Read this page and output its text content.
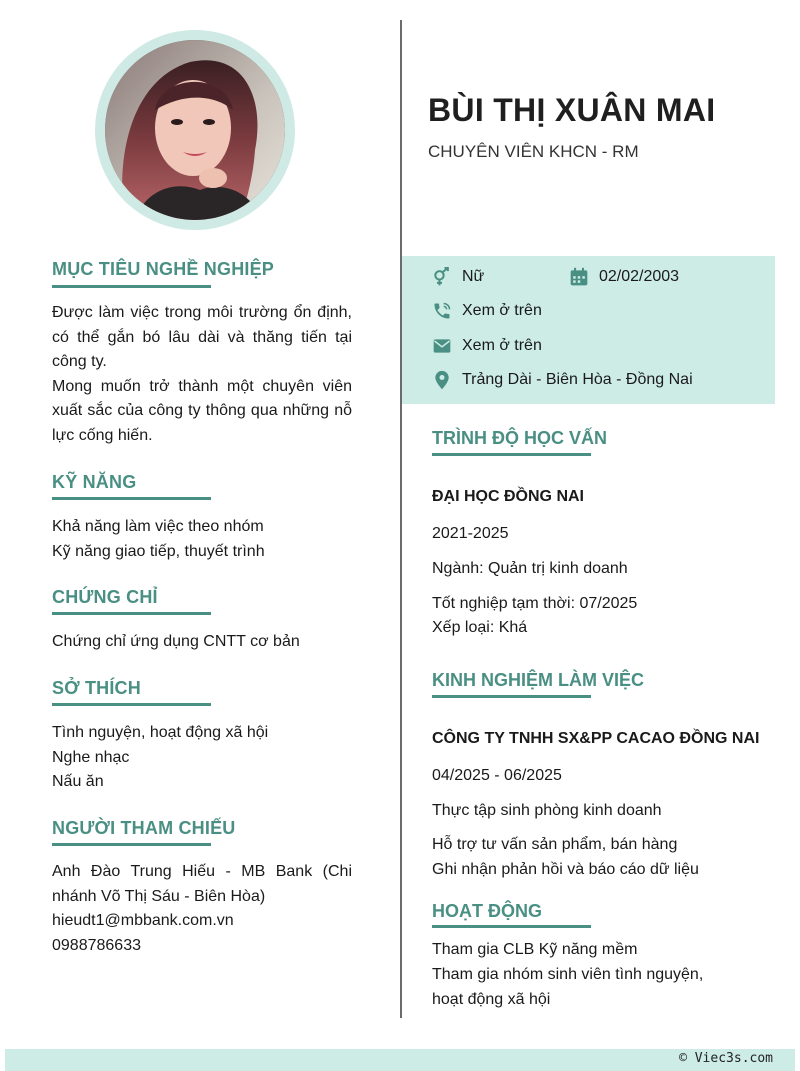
MỤC TIÊU NGHỀ NGHIỆP
Được làm việc trong môi trường ổn định, có thể gắn bó lâu dài và thăng tiến tại công ty.
Mong muốn trở thành một chuyên viên xuất sắc của công ty thông qua những nỗ lực cống hiến.
KỸ NĂNG
Khả năng làm việc theo nhóm
Kỹ năng giao tiếp, thuyết trình
CHỨNG CHỈ
Chứng chỉ ứng dụng CNTT cơ bản
SỞ THÍCH
Tình nguyện, hoạt động xã hội
Nghe nhạc
Nấu ăn
NGƯỜI THAM CHIẾU
Anh Đào Trung Hiếu - MB Bank (Chi nhánh Võ Thị Sáu - Biên Hòa)
hieudt1@mbbank.com.vn
0988786633
BÙI THỊ XUÂN MAI
CHUYÊN VIÊN KHCN - RM
Nữ	02/02/2003
Xem ở trên
Xem ở trên
Trảng Dài - Biên Hòa - Đồng Nai
TRÌNH ĐỘ HỌC VẤN
ĐẠI HỌC ĐỒNG NAI
2021-2025
Ngành: Quản trị kinh doanh
Tốt nghiệp tạm thời: 07/2025
Xếp loại: Khá
KINH NGHIỆM LÀM VIỆC
CÔNG TY TNHH SX&PP CACAO ĐỒNG NAI
04/2025 - 06/2025
Thực tập sinh phòng kinh doanh
Hỗ trợ tư vấn sản phẩm, bán hàng
Ghi nhận phản hồi và báo cáo dữ liệu
HOẠT ĐỘNG
Tham gia CLB Kỹ năng mềm
Tham gia nhóm sinh viên tình nguyện,
hoạt động xã hội
© Viec3s.com
